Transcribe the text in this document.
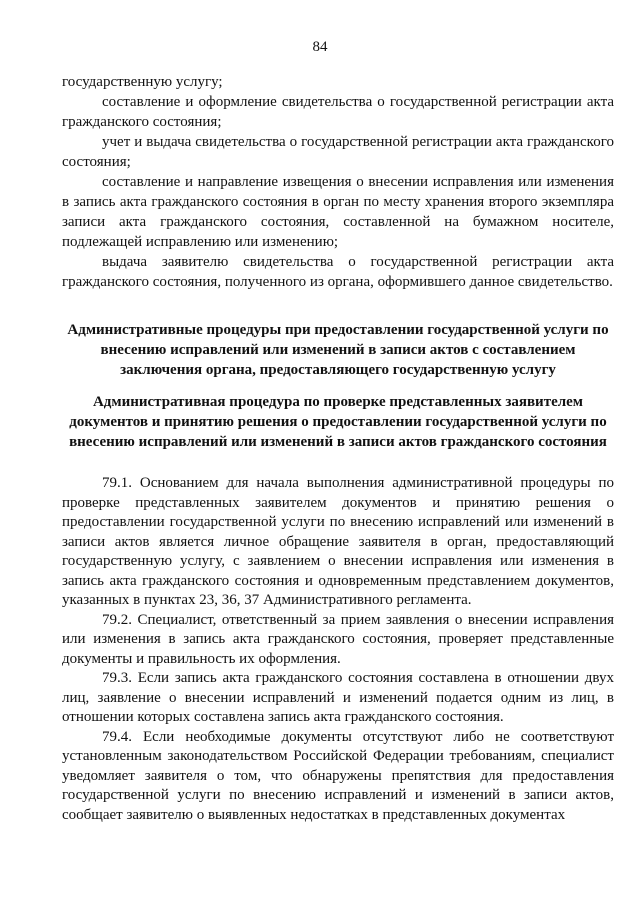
84

государственную услугу;

составление и оформление свидетельства о государственной регистрации акта гражданского состояния;

учет и выдача свидетельства о государственной регистрации акта гражданского состояния;

составление и направление извещения о внесении исправления или изменения в запись акта гражданского состояния в орган по месту хранения второго экземпляра записи акта гражданского состояния, составленной на бумажном носителе, подлежащей исправлению или изменению;

выдача заявителю свидетельства о государственной регистрации акта гражданского состояния, полученного из органа, оформившего данное свидетельство.

Административные процедуры при предоставлении государственной услуги по внесению исправлений или изменений в записи актов с составлением заключения органа, предоставляющего государственную услугу
Административная процедура по проверке представленных заявителем документов и принятию решения о предоставлении государственной услуги по внесению исправлений или изменений в записи актов гражданского состояния

79.1. Основанием для начала выполнения административной процедуры по проверке представленных заявителем документов и принятию решения о предоставлении государственной услуги по внесению исправлений или изменений в записи актов является личное обращение заявителя в орган, предоставляющий государственную услугу, с заявлением о внесении исправления или изменения в запись акта гражданского состояния и одновременным представлением документов, указанных в пунктах 23, 36, 37 Административного регламента.

79.2. Специалист, ответственный за прием заявления о внесении исправления или изменения в запись акта гражданского состояния, проверяет представленные документы и правильность их оформления.

79.3. Если запись акта гражданского состояния составлена в отношении двух лиц, заявление о внесении исправлений и изменений подается одним из лиц, в отношении которых составлена запись акта гражданского состояния.

79.4. Если необходимые документы отсутствуют либо не соответствуют установленным законодательством Российской Федерации требованиям, специалист уведомляет заявителя о том, что обнаружены препятствия для предоставления государственной услуги по внесению исправлений и изменений в записи актов, сообщает заявителю о выявленных недостатках в представленных документах
